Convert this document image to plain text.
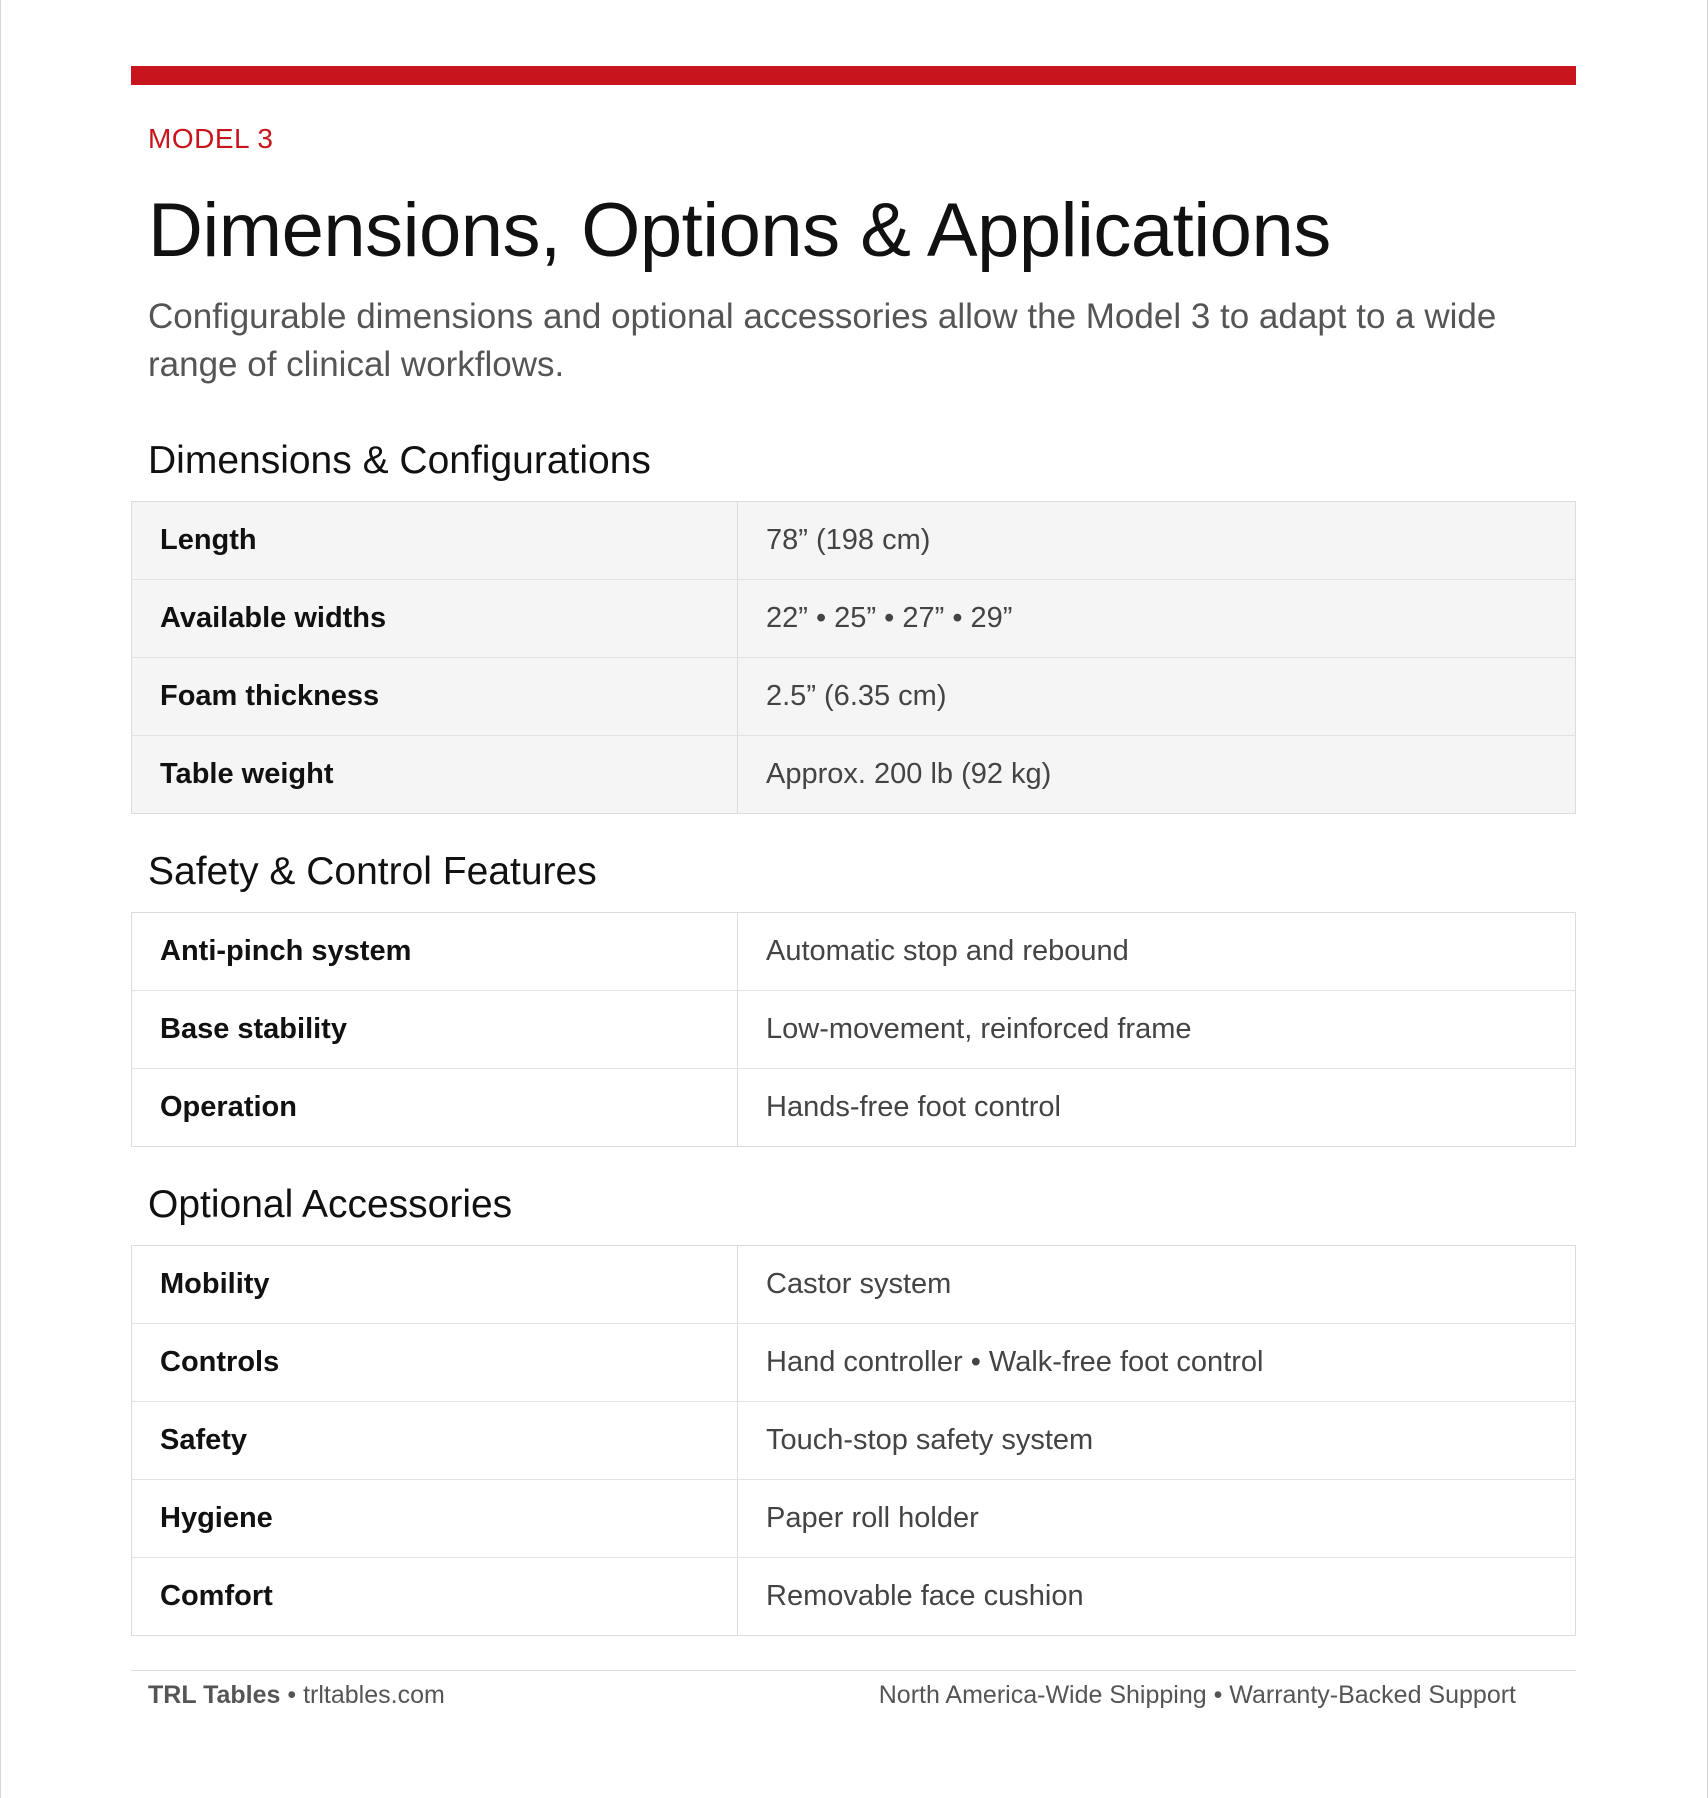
MODEL 3
Dimensions, Options & Applications
Configurable dimensions and optional accessories allow the Model 3 to adapt to a wide range of clinical workflows.
Dimensions & Configurations
Length	78” (198 cm)
Available widths	22” • 25” • 27” • 29”
Foam thickness	2.5” (6.35 cm)
Table weight	Approx. 200 lb (92 kg)
Safety & Control Features
Anti-pinch system	Automatic stop and rebound
Base stability	Low-movement, reinforced frame
Operation	Hands-free foot control
Optional Accessories
Mobility	Castor system
Controls	Hand controller • Walk-free foot control
Safety	Touch-stop safety system
Hygiene	Paper roll holder
Comfort	Removable face cushion
TRL Tables • trltables.com	North America-Wide Shipping • Warranty-Backed Support
